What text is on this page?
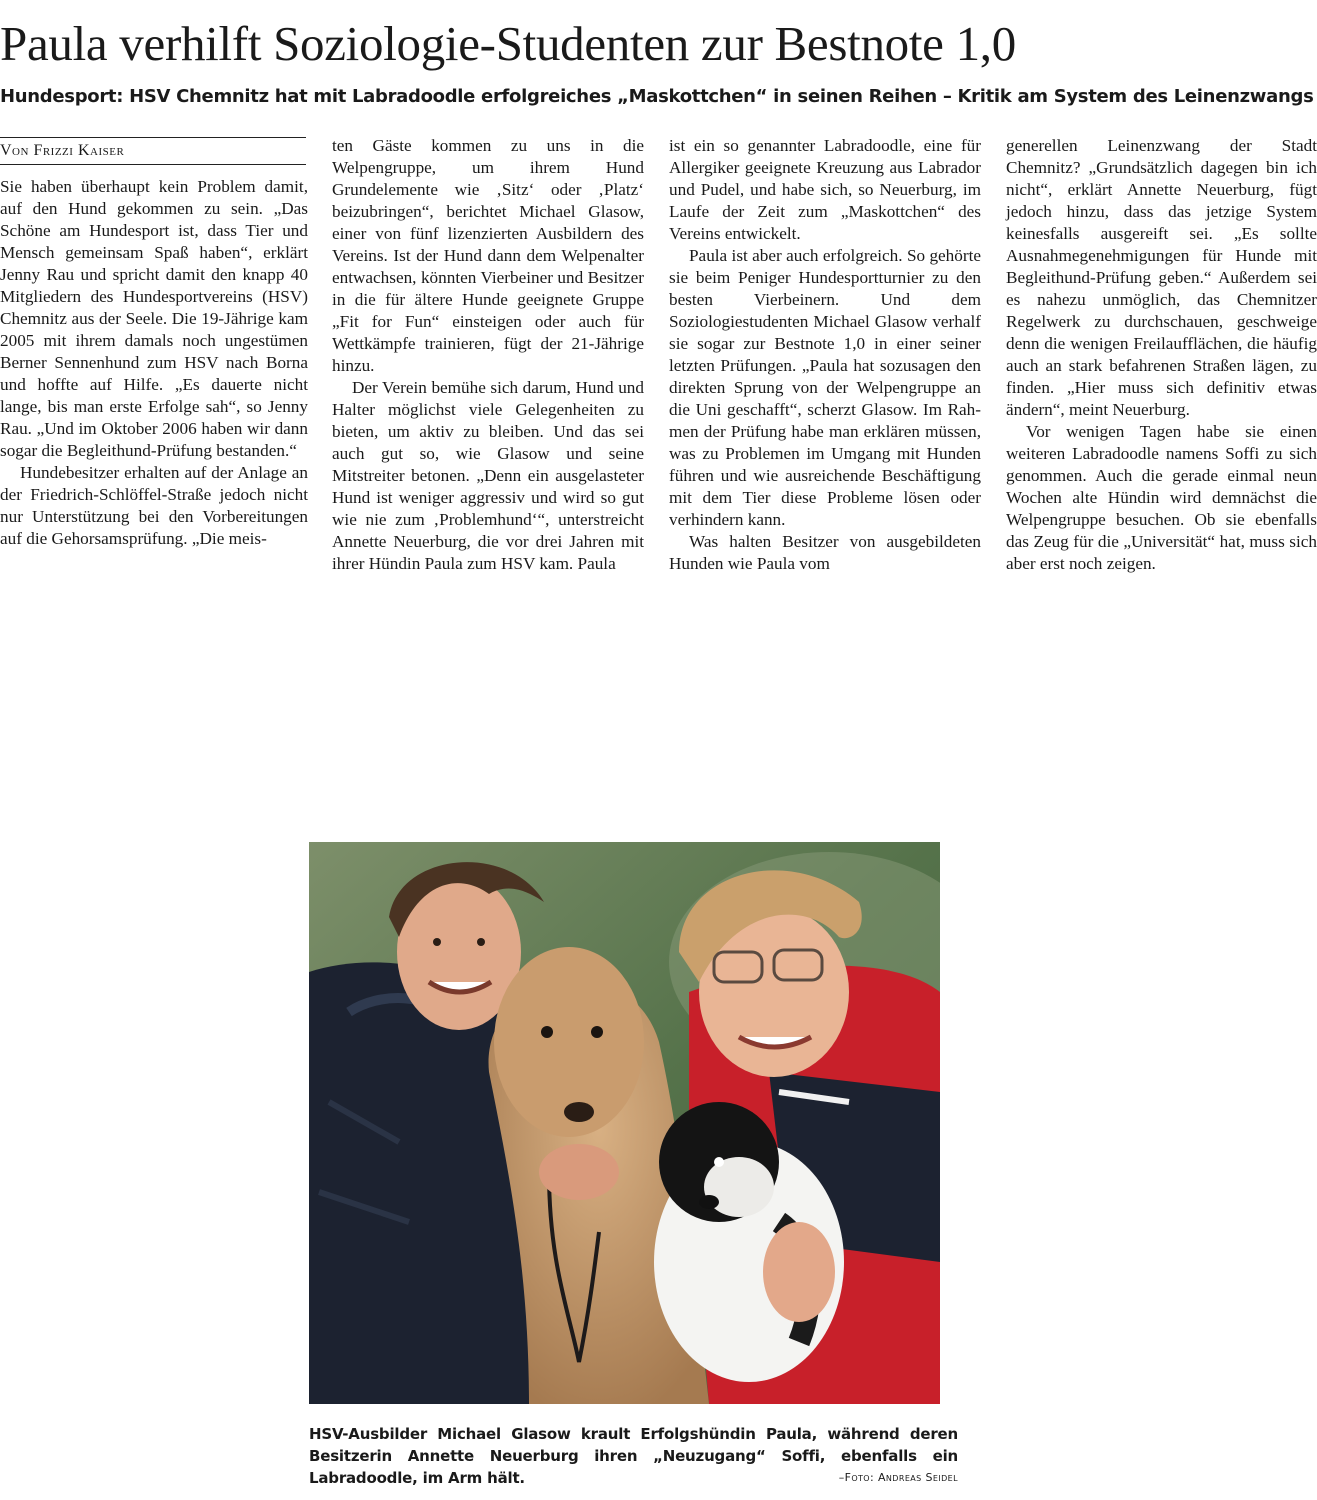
Paula verhilft Soziologie-Studenten zur Bestnote 1,0
Hundesport: HSV Chemnitz hat mit Labradoodle erfolgreiches „Maskottchen“ in seinen Reihen – Kritik am System des Leinenzwangs
Von Frizzi Kaiser

Sie haben überhaupt kein Problem damit, auf den Hund gekommen zu sein. „Das Schöne am Hundesport ist, dass Tier und Mensch gemeinsam Spaß haben“, erklärt Jenny Rau und spricht damit den knapp 40 Mitgliedern des Hundesportvereins (HSV) Chemnitz aus der Seele. Die 19-Jährige kam 2005 mit ihrem damals noch ungestümen Berner Sennenhund zum HSV nach Borna und hoffte auf Hilfe. „Es dauerte nicht lange, bis man erste Erfolge sah“, so Jenny Rau. „Und im Oktober 2006 haben wir dann sogar die Begleithund-Prüfung bestanden.“

Hundebesitzer erhalten auf der Anlage an der Friedrich-Schlöffel-Straße jedoch nicht nur Unterstützung bei den Vorbereitungen auf die Gehorsamsprüfung. „Die meis-

ten Gäste kommen zu uns in die Welpengruppe, um ihrem Hund Grundelemente wie ‚Sitz‘ oder ‚Platz‘ beizubringen“, berichtet Michael Glasow, einer von fünf lizenzierten Ausbildern des Vereins. Ist der Hund dann dem Welpenalter entwachsen, könnten Vierbeiner und Besitzer in die für ältere Hunde geeignete Gruppe „Fit for Fun“ einsteigen oder auch für Wettkämpfe trainieren, fügt der 21-Jährige hinzu.

Der Verein bemühe sich darum, Hund und Halter möglichst viele Gelegenheiten zu bieten, um aktiv zu bleiben. Und das sei auch gut so, wie Glasow und seine Mitstreiter betonen. „Denn ein ausgelasteter Hund ist weniger aggressiv und wird so gut wie nie zum ‚Problemhund‘“, unterstreicht Annette Neuerburg, die vor drei Jahren mit ihrer Hündin Paula zum HSV kam. Paula

ist ein so genannter Labradoodle, eine für Allergiker geeignete Kreuzung aus Labrador und Pudel, und habe sich, so Neuerburg, im Laufe der Zeit zum „Maskottchen“ des Vereins entwickelt.

Paula ist aber auch erfolgreich. So gehörte sie beim Peniger Hundesportturnier zu den besten Vierbeinern. Und dem Soziologiestudenten Michael Glasow verhalf sie sogar zur Bestnote 1,0 in einer seiner letzten Prüfungen. „Paula hat sozusagen den direkten Sprung von der Welpengruppe an die Uni geschafft“, scherzt Glasow. Im Rahmen der Prüfung habe man erklären müssen, was zu Problemen im Umgang mit Hunden führen und wie ausreichende Beschäftigung mit dem Tier diese Probleme lösen oder verhindern kann.

Was halten Besitzer von ausgebildeten Hunden wie Paula vom

generellen Leinenzwang der Stadt Chemnitz? „Grundsätzlich dagegen bin ich nicht“, erklärt Annette Neuerburg, fügt jedoch hinzu, dass das jetzige System keinesfalls ausgereift sei. „Es sollte Ausnahmegenehmigungen für Hunde mit Begleithund-Prüfung geben.“ Außerdem sei es nahezu unmöglich, das Chemnitzer Regelwerk zu durchschauen, geschweige denn die wenigen Freilaufflächen, die häufig auch an stark befahrenen Straßen lägen, zu finden. „Hier muss sich definitiv etwas ändern“, meint Neuerburg.

Vor wenigen Tagen habe sie einen weiteren Labradoodle namens Soffi zu sich genommen. Auch die gerade einmal neun Wochen alte Hündin wird demnächst die Welpengruppe besuchen. Ob sie ebenfalls das Zeug für die „Universität“ hat, muss sich aber erst noch zeigen.

HSV-Ausbilder Michael Glasow krault Erfolgshündin Paula, während deren Besitzerin Annette Neuerburg ihren „Neuzugang“ Soffi, ebenfalls ein Labradoodle, im Arm hält.	–Foto: Andreas Seidel
